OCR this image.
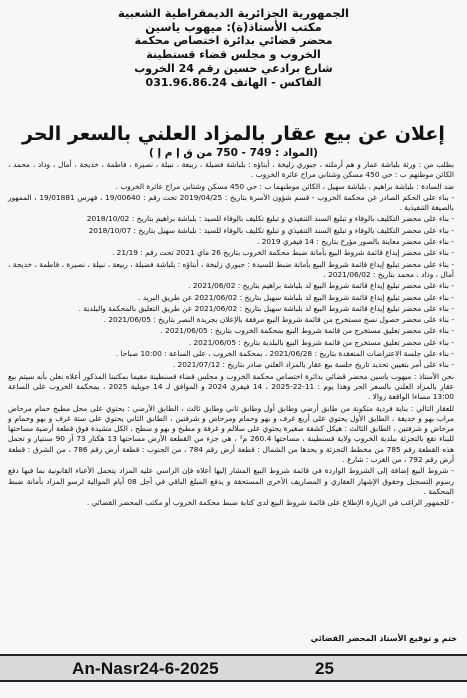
الجمهورية الجزائرية الديمقراطية الشعبية
مكتب الأستاذ(ة): ميهوب ياسين
محضر قضائي بدائرة اختصاص محكمة
الخروب و مجلس قضاء قسنطينة
شارع برادعي حسين رقم 24 الخروب
الفاكس - الهاتف 031.96.86.24
إعلان عن بيع عقار بالمزاد العلني بالسعر الحر
(المواد : 749 - 750 من ق إ م إ )

بطلب من : ورثة بلباشة عمار و هم أرملته ، جبوري زليخة ، أبناؤه : بلباشة فضيلة ، ربيعة ، نبيلة ، نصيرة ، فاطمة ، خديجة ، أمال ، وداد ، محمد ، الكائن موطنهم ب : حي 450 مسكن وشتاني مراح عائرة الخروب .

ضد السادة : بلباشة براهيم ، بلباشة سهيل ، الكائن موطنهما ب : حي 450 مسكن وشتاني مراح عائرة الخروب .

- بناء على الحكم الصادر عن محكمة الخروب - قسم شؤون الأسرة بتاريخ : 2019/04/25 تحت رقم : 19/00640 ، فهرس 19/01881 ، الممهور بالصيغة التنفيذية .

- بناء على محضر التكليف بالوفاء و تبليغ السند التنفيذي و تبليغ تكليف بالوفاء للسيد : بلباشة براهيم بتاريخ : 2018/10/02

- بناء على محضر التكليف بالوفاء و تبليغ السند التنفيذي و تبليغ تكليف بالوفاء للسيد : بلباشة سهيل بتاريخ : 2018/10/07

- بناء على محضر معاينة بالصور مؤرخ بتاريخ : 14 فيفري 2019 .

- بناء على محضر إيداع قائمة شروط البيع بأمانة ضبط محكمة الخروب بتاريخ 26 ماي 2021 تحت رقم : 21/19 .

- بناء على محضر تبليغ إيداع قائمة شروط البيع بأمانة ضبط للسيدة : جبوري زليخة ، أبناؤه : بلباشة فضيلة ، ربيعة ، نبيلة ، نصيرة ، فاطمة ، خديجة ، أمال ، وداد ، محمد بتاريخ : 2021/06/02 .

- بناء على محضر تبليغ إيداع قائمة شروط البيع لد بلباشة براهيم بتاريخ : 2021/06/02 .

- بناء على محضر تبليغ إيداع قائمة شروط البيع لد بلباشة سهيل بتاريخ : 2021/06/02 عن طريق البريد .

- بناء على محضر تبليغ إيداع قائمة شروط البيع لد بلباشة سهيل بتاريخ : 2021/06/02 عن طريق التعليق بالمحكمة والبلدية .

- بناء على محضر حصول نسخ مستخرج من قائمة شروط البيع مرفقة بالإعلان بجريدة النصر بتاريخ : 2021/06/05 .

- بناء على محضر تعليق مستخرج من قائمة شروط البيع بمحكمة الخروب بتاريخ : 2021/06/05 .

- بناء على محضر تعليق مستخرج من قائمة شروط البيع بالبلدية بتاريخ : 2021/06/05 .

- بناء على جلسة الاعتراضات المنعقدة بتاريخ : 2021/06/28 ، بمحكمة الخروب ، على الساعة : 10:00 صباحا .

- بناء على أمر بتعيين تحديد تاريخ جلسة بيع عقار بالمزاد العلني صادر بتاريخ : 2021/07/12 .

نحن الأستاذ : ميهوب ياسين محضر قضائي بدائرة اختصاص محكمة الخروب و مجلس قضاء قسنطينة مقيما بمكتبنا المذكور أعلاه نعلن بأنه سيتم بيع عقار بالمزاد العلني بالسعر الحر وهذا يوم : 11-22-2025 ، 14 فيفري 2024 و الموافق لـ 14 جويلية 2025 ، بمحكمة الخروب على الساعة 13:00 مساءا الواقعة زوالا .

للعقار التالي : بناية فردية متكونة من طابق أرضي وطابق أول وطابق ثاني وطابق ثالث ، الطابق الأرضي : يحتوي على محل مطبخ حمام مرحاض مراب بهو و حديقة ، الطابق الأول يحتوي على أربع غرف و بهو وحمام ومرحاض و شرفتين ، الطابق الثاني يحتوي على ستة غرف و بهو وحمام و مرحاض و شرفتين ، الطابق الثالث : هيكل كشفة صغيرة يحتوي على سلالم و غرفة و مطبخ و بهو و سطح ، الكل مشيدة فوق قطعة أرضية مساحتها للبناء تقع بالتجزئة ببلدية الخروب ولاية قسنطينة ، مساحتها 260.4 م² ، هي جزء من القطعة الأرض مساحتها 13 هكتار 73 آر 90 سنتيار و تحمل هذه القطعة رقم 785 من مخطط التجزئة و يحدها من الشمال : قطعة أرض رقم 784 ، من الجنوب : قطعة أرض رقم 786 ، من الشرق : قطعة أرض رقم 792 ، من الغرب : شارع .

- شروط البيع إضافة إلى الشروط الواردة في قائمة شروط البيع المشار إليها أعلاه فإن الراسي عليه المزاد يتحمل الأعباء القانونية بما فيها دفع رسوم التسجيل وحقوق الإشهار العقاري و المصاريف الأخرى المستحقة و يدفع المبلغ الباقي في أجل 08 أيام الموالية لرسو المزاد بأمانة ضبط المحكمة .

- للجمهور الراغب في الزيارة الإطلاع على قائمة شروط البيع لدى كتابة ضبط محكمة الخروب أو مكتب المحضر القضائي .

ختم و توقيع الأستاذ المحضر القضائي
An-Nasr24-6-2025	25
